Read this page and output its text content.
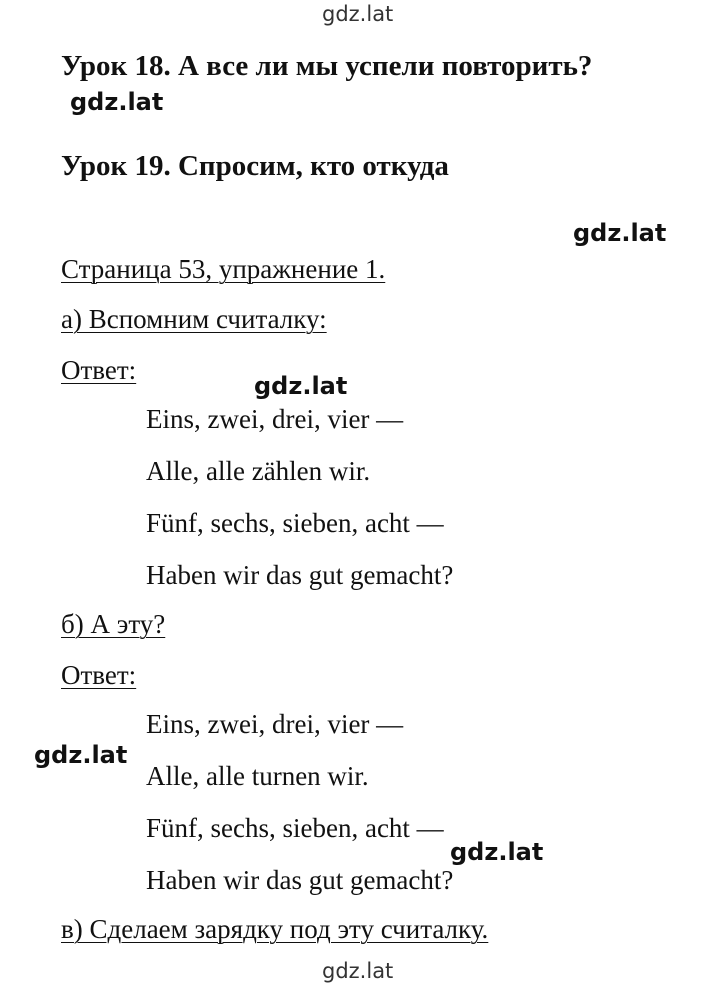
gdz.lat
Урок 18. А все ли мы успели повторить?
gdz.lat
Урок 19. Спросим, кто откуда
gdz.lat
Страница 53, упражнение 1.
а) Вспомним считалку:
Ответ:
gdz.lat
Eins, zwei, drei, vier —
Alle, alle zählen wir.
Fünf, sechs, sieben, acht —
Haben wir das gut gemacht?
б) А эту?
Ответ:
Eins, zwei, drei, vier —
gdz.lat
Alle, alle turnen wir.
Fünf, sechs, sieben, acht —
gdz.lat
Haben wir das gut gemacht?
в) Сделаем зарядку под эту считалку.
gdz.lat
